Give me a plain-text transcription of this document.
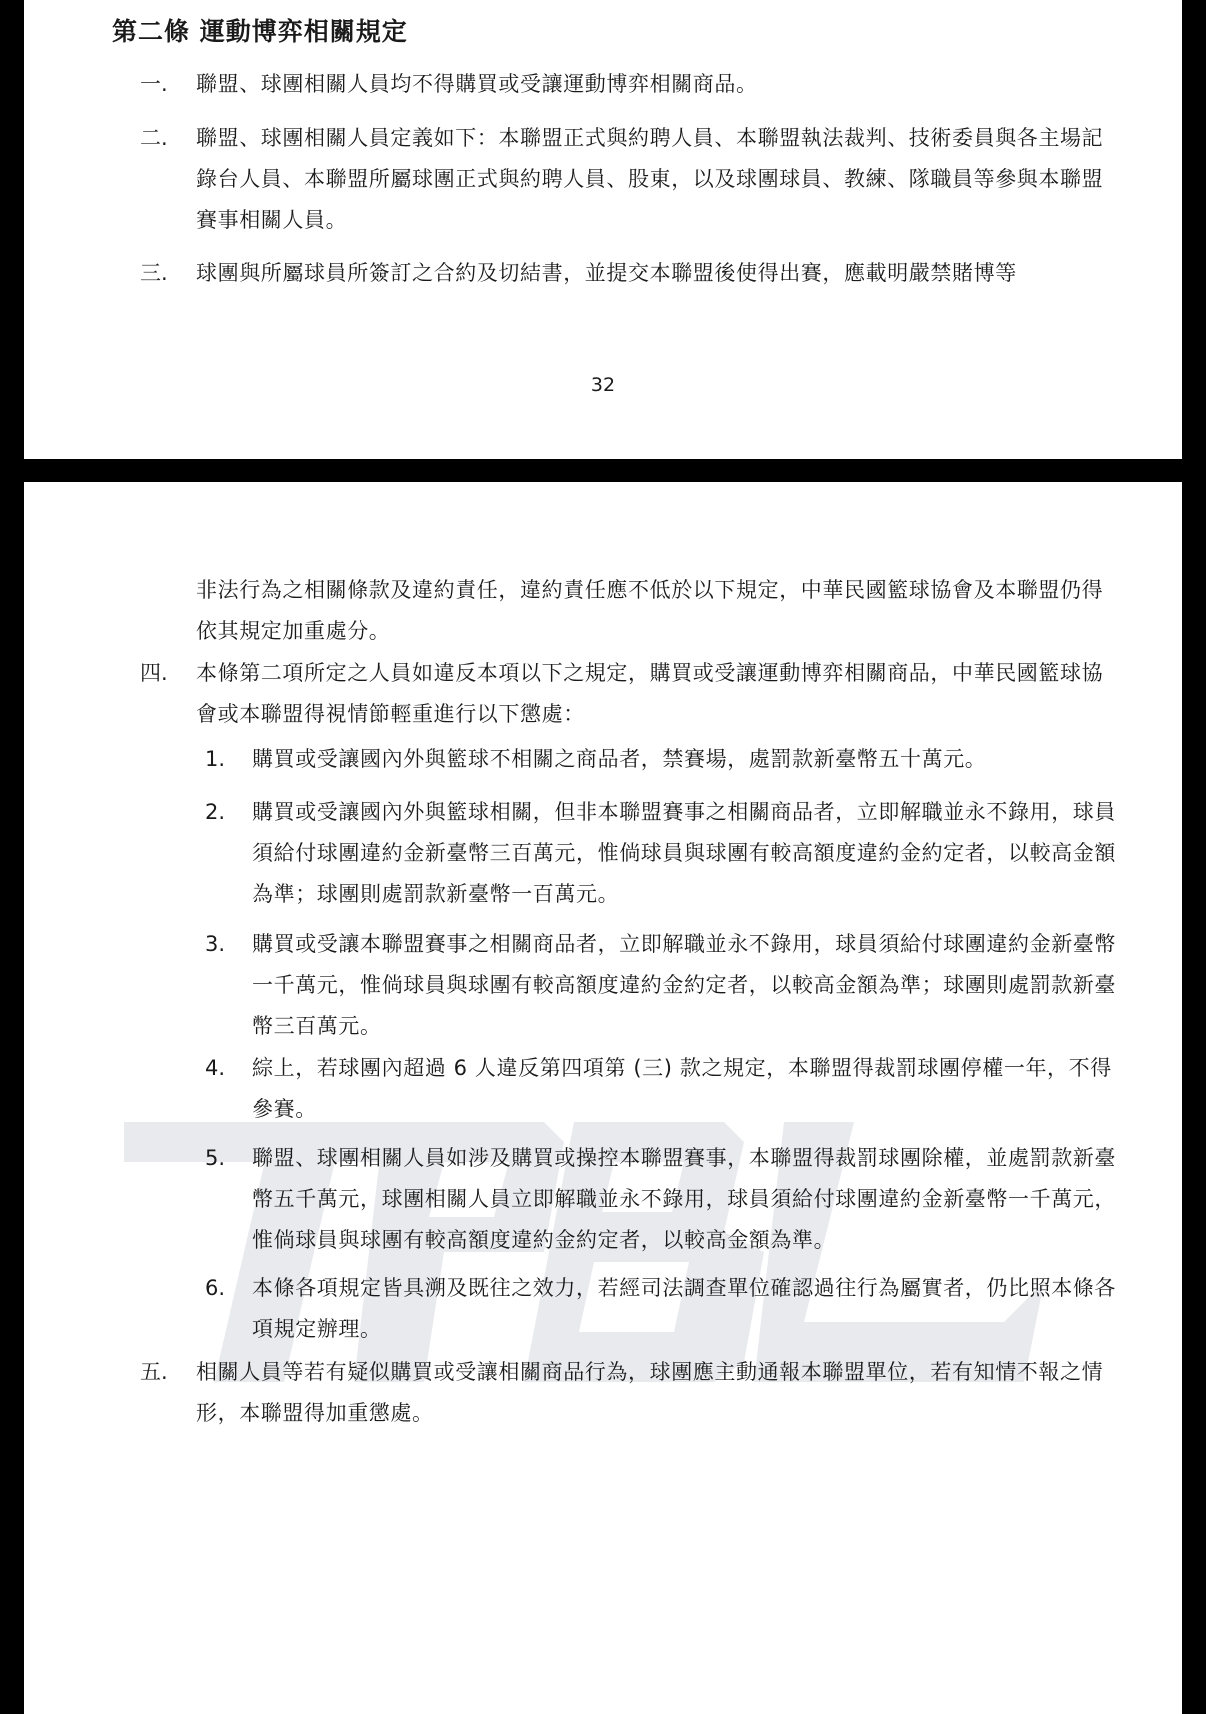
第二條 運動博弈相關規定
一. 聯盟、球團相關人員均不得購買或受讓運動博弈相關商品。
二. 聯盟、球團相關人員定義如下：本聯盟正式與約聘人員、本聯盟執法裁判、技術委員與各主場記錄台人員、本聯盟所屬球團正式與約聘人員、股東，以及球團球員、教練、隊職員等參與本聯盟賽事相關人員。
三. 球團與所屬球員所簽訂之合約及切結書，並提交本聯盟後使得出賽，應載明嚴禁賭博等
32
非法行為之相關條款及違約責任，違約責任應不低於以下規定，中華民國籃球協會及本聯盟仍得依其規定加重處分。
四. 本條第二項所定之人員如違反本項以下之規定，購買或受讓運動博弈相關商品，中華民國籃球協會或本聯盟得視情節輕重進行以下懲處：
1. 購買或受讓國內外與籃球不相關之商品者，禁賽場，處罰款新臺幣五十萬元。
2. 購買或受讓國內外與籃球相關，但非本聯盟賽事之相關商品者，立即解職並永不錄用，球員須給付球團違約金新臺幣三百萬元，惟倘球員與球團有較高額度違約金約定者，以較高金額為準；球團則處罰款新臺幣一百萬元。
3. 購買或受讓本聯盟賽事之相關商品者，立即解職並永不錄用，球員須給付球團違約金新臺幣一千萬元，惟倘球員與球團有較高額度違約金約定者，以較高金額為準；球團則處罰款新臺幣三百萬元。
4. 綜上，若球團內超過 6 人違反第四項第 (三) 款之規定，本聯盟得裁罰球團停權一年，不得參賽。
5. 聯盟、球團相關人員如涉及購買或操控本聯盟賽事，本聯盟得裁罰球團除權，並處罰款新臺幣五千萬元，球團相關人員立即解職並永不錄用，球員須給付球團違約金新臺幣一千萬元，惟倘球員與球團有較高額度違約金約定者，以較高金額為準。
6. 本條各項規定皆具溯及既往之效力，若經司法調查單位確認過往行為屬實者，仍比照本條各項規定辦理。
五. 相關人員等若有疑似購買或受讓相關商品行為，球團應主動通報本聯盟單位，若有知情不報之情形，本聯盟得加重懲處。
